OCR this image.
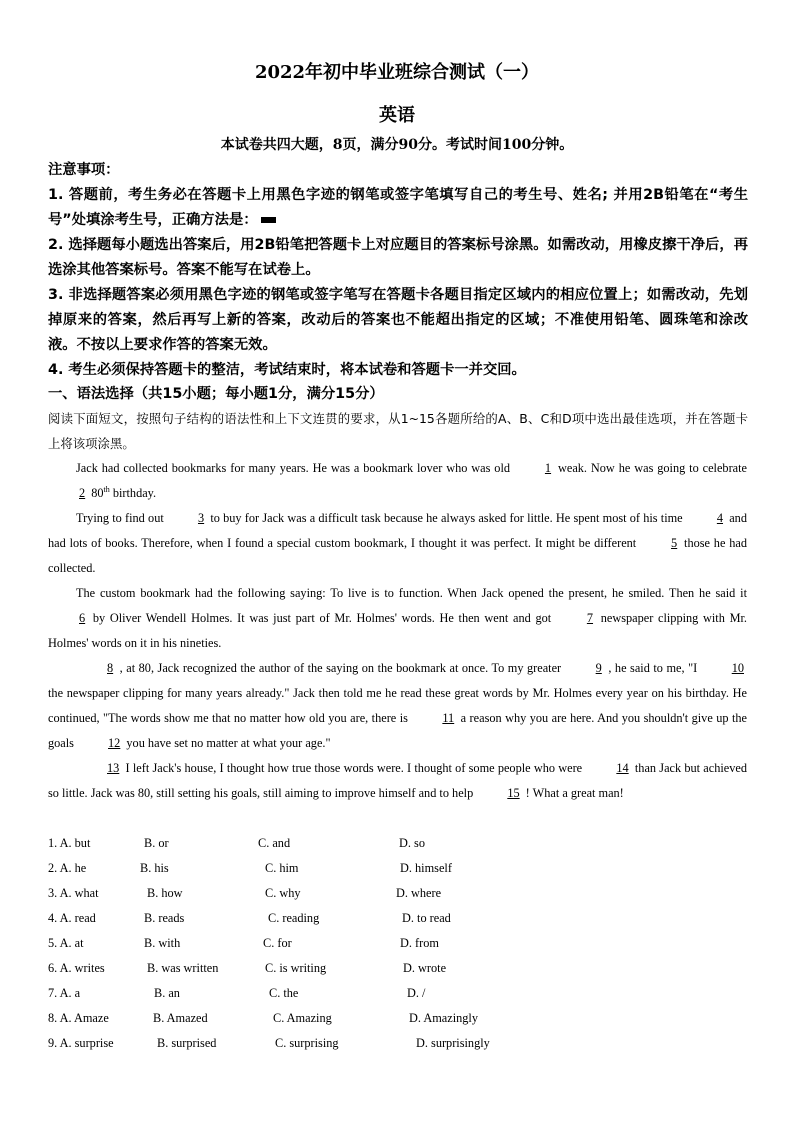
2022年初中毕业班综合测试（一）
英语
本试卷共四大题，8页，满分90分。考试时间100分钟。

注意事项：

1. 答题前，考生务必在答题卡上用黑色字迹的钢笔或签字笔填写自己的考生号、姓名; 并用2B铅笔在“考生号”处填涂考生号，正确方法是：

2. 选择题每小题选出答案后，用2B铅笔把答题卡上对应题目的答案标号涂黑。如需改动，用橡皮擦干净后，再选涂其他答案标号。答案不能写在试卷上。

3. 非选择题答案必须用黑色字迹的钢笔或签字笔写在答题卡各题目指定区域内的相应位置上；如需改动，先划掉原来的答案，然后再写上新的答案，改动后的答案也不能超出指定的区域；不准使用铅笔、圆珠笔和涂改液。不按以上要求作答的答案无效。

4. 考生必须保持答题卡的整洁，考试结束时，将本试卷和答题卡一并交回。

一、语法选择（共15小题；每小题1分，满分15分）
阅读下面短文，按照句子结构的语法性和上下文连贯的要求，从1~15各题所给的A、B、C和D项中选出最佳选项，并在答题卡上将该项涂黑。

Jack had collected bookmarks for many years. He was a bookmark lover who was old	1 weak. Now he was going to celebrate 2 80th birthday.

Trying to find out	3 to buy for Jack was a difficult task because he always asked for little. He spent most of his time	4 and had lots of books. Therefore, when I found a special custom bookmark, I thought it was perfect. It might be different	5 those he had collected.

The custom bookmark had the following saying: To live is to function. When Jack opened the present, he smiled. Then he said it 6 by Oliver Wendell Holmes. It was just part of Mr. Holmes' words. He then went and got	7 newspaper clipping with Mr. Holmes' words on it in his nineties.

8 , at 80, Jack recognized the author of the saying on the bookmark at once. To my greater	9 , he said to me, "I	10 the newspaper clipping for many years already." Jack then told me he read these great words by Mr. Holmes every year on his birthday. He continued, "The words show me that no matter how old you are, there is	11 a reason why you are here. And you shouldn't give up the goals	12 you have set no matter at what your age."

13 I left Jack's house, I thought how true those words were. I thought of some people who were	14 than Jack but achieved so little. Jack was 80, still setting his goals, still aiming to improve himself and to help	15 ! What a great man!

1. A. but	B. or	C. and	D. so
2. A. he	B. his	C. him	D. himself
3. A. what	B. how	C. why	D. where
4. A. read	B. reads	C. reading	D. to read
5. A. at	B. with	C. for	D. from
6. A. writes	B. was written	C. is writing	D. wrote
7. A. a	B. an	C. the	D. /
8. A. Amaze	B. Amazed	C. Amazing	D. Amazingly
9. A. surprise	B. surprised	C. surprising	D. surprisingly
